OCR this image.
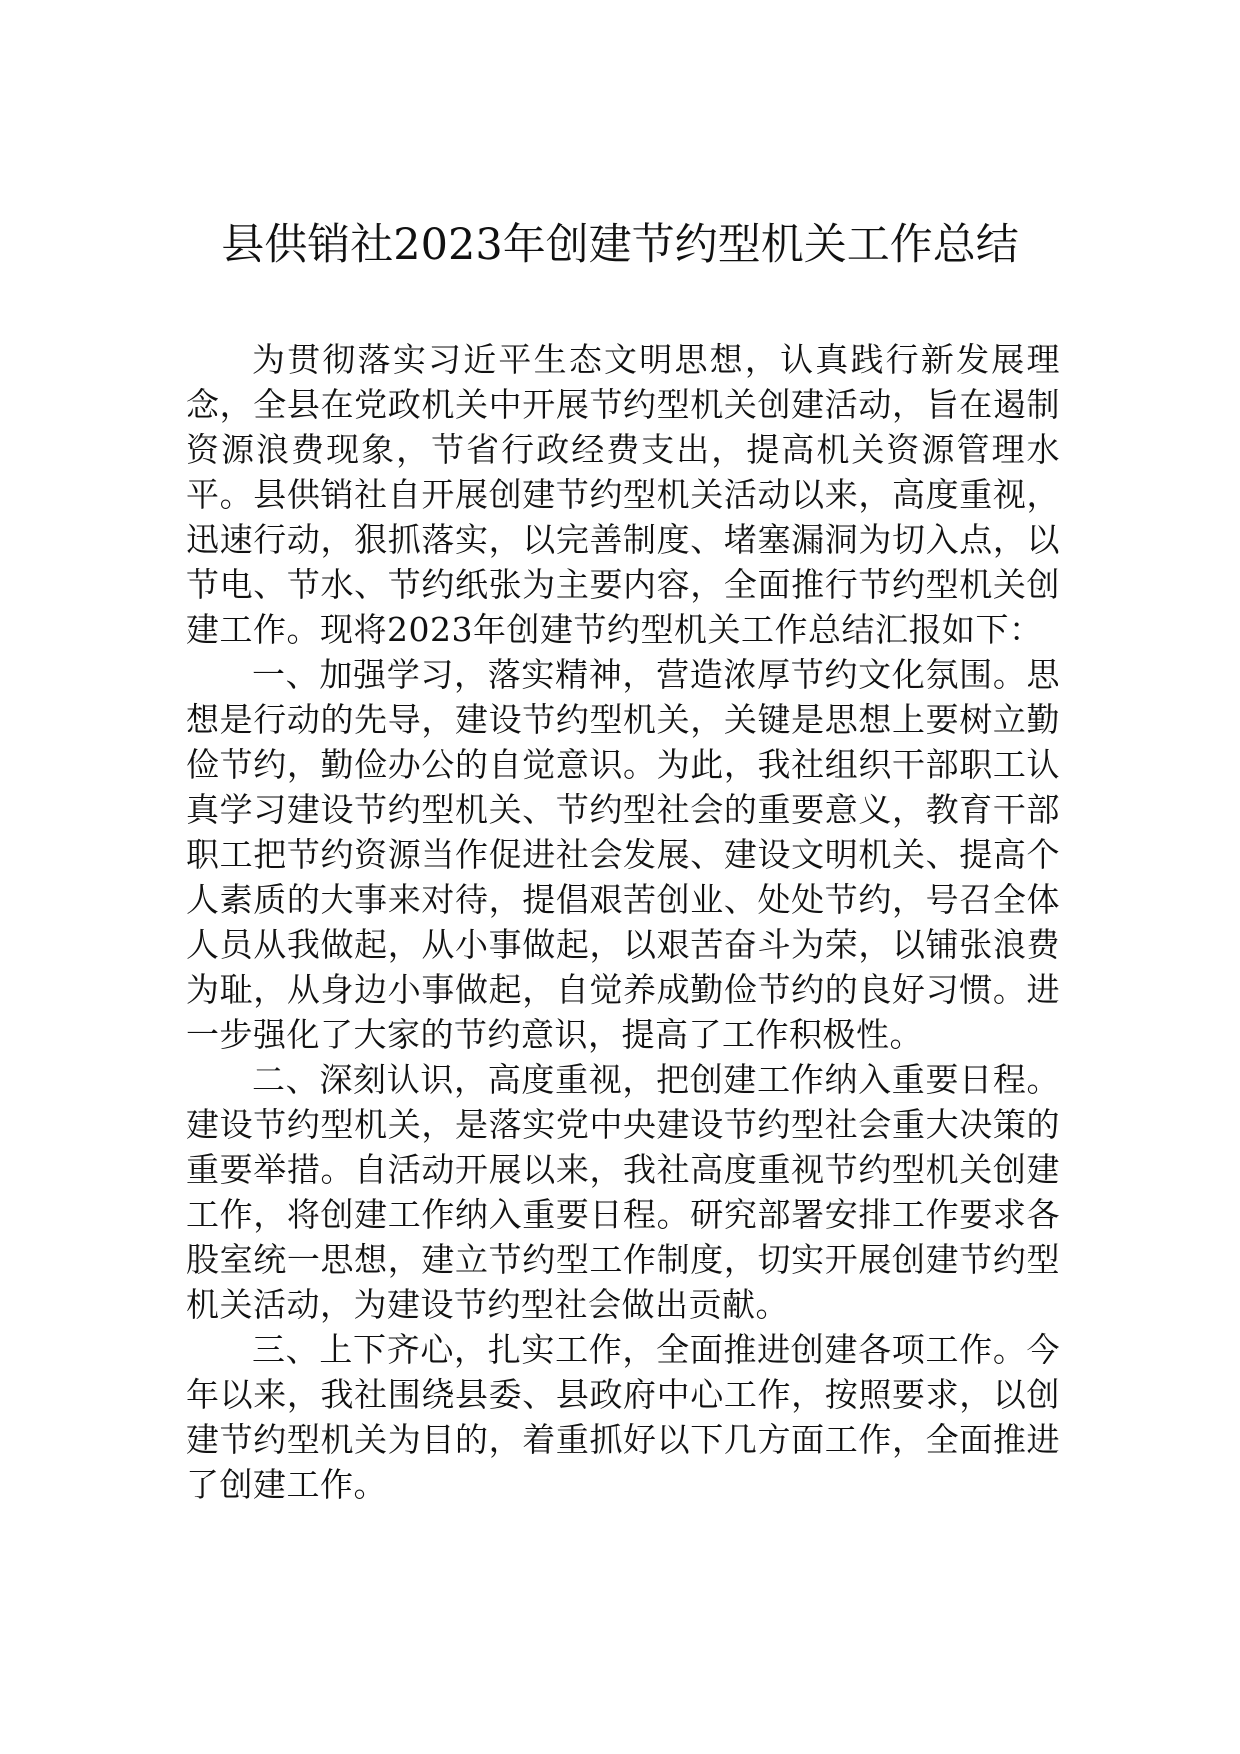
县供销社2023年创建节约型机关工作总结

为贯彻落实习近平生态文明思想，认真践行新发展理念，全县在党政机关中开展节约型机关创建活动，旨在遏制资源浪费现象，节省行政经费支出，提高机关资源管理水平。县供销社自开展创建节约型机关活动以来，高度重视，迅速行动，狠抓落实，以完善制度、堵塞漏洞为切入点，以节电、节水、节约纸张为主要内容，全面推行节约型机关创建工作。现将2023年创建节约型机关工作总结汇报如下：

一、加强学习，落实精神，营造浓厚节约文化氛围。思想是行动的先导，建设节约型机关，关键是思想上要树立勤俭节约，勤俭办公的自觉意识。为此，我社组织干部职工认真学习建设节约型机关、节约型社会的重要意义，教育干部职工把节约资源当作促进社会发展、建设文明机关、提高个人素质的大事来对待，提倡艰苦创业、处处节约，号召全体人员从我做起，从小事做起，以艰苦奋斗为荣，以铺张浪费为耻，从身边小事做起，自觉养成勤俭节约的良好习惯。进一步强化了大家的节约意识，提高了工作积极性。

二、深刻认识，高度重视，把创建工作纳入重要日程。建设节约型机关，是落实党中央建设节约型社会重大决策的重要举措。自活动开展以来，我社高度重视节约型机关创建工作，将创建工作纳入重要日程。研究部署安排工作要求各股室统一思想，建立节约型工作制度，切实开展创建节约型机关活动，为建设节约型社会做出贡献。

三、上下齐心，扎实工作，全面推进创建各项工作。今年以来，我社围绕县委、县政府中心工作，按照要求，以创建节约型机关为目的，着重抓好以下几方面工作，全面推进了创建工作。
